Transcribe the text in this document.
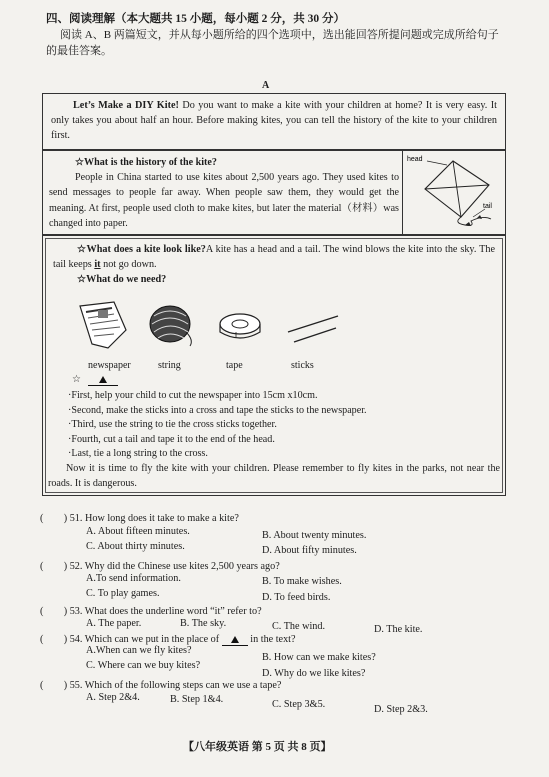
四、阅读理解（本大题共 15 小题，每小题 2 分，共 30 分）
阅读 A、B 两篇短文，并从每小题所给的四个选项中，选出能回答所提问题或完成所给句子的最佳答案。
A

Let’s Make a DIY Kite! Do you want to make a kite with your children at home? It is very easy. It only takes you about half an hour. Before making kites, you can tell the history of the kite to your children first.

☆What is the history of the kite?

People in China started to use kites about 2,500 years ago. They used kites to send messages to people far away. When people saw them, they would get the meaning. At first, people used cloth to make kites, but later the material（材料）was changed into paper.

head
tail

☆What does a kite look like?A kite has a head and a tail. The wind blows the kite into the sky. The tail keeps it not go down.

☆What do we need?

newspaper	string	tape	sticks
☆

·First, help your child to cut the newspaper into 15cm x10cm.

·Second, make the sticks into a cross and tape the sticks to the newspaper.

·Third, use the string to tie the cross sticks together.

·Fourth, cut a tail and tape it to the end of the head.

·Last, tie a long string to the cross.

Now it is time to fly the kite with your children. Please remember to fly kites in the parks, not near the roads. It is dangerous.

(　　) 51. How long does it take to make a kite?
A. About fifteen minutes.	B. About twenty minutes.
C. About thirty minutes.	D. About fifty minutes.
(　　) 52. Why did the Chinese use kites 2,500 years ago?
A.To send information.	B. To make wishes.
C. To play games.	D. To feed birds.
(　　) 53. What does the underline word “it” refer to?
A. The paper.	B. The sky.	C. The wind.	D. The kite.
(　　) 54. Which can we put in the place of	in the text?
A.When can we fly kites?
B. How can we make kites?
C. Where can we buy kites?
D. Why do we like kites?
(　　) 55. Which of the following steps can we use a tape?
A. Step 2&4.	B. Step 1&4.	C. Step 3&5.	D. Step 2&3.
【八年级英语 第 5 页 共 8 页】
